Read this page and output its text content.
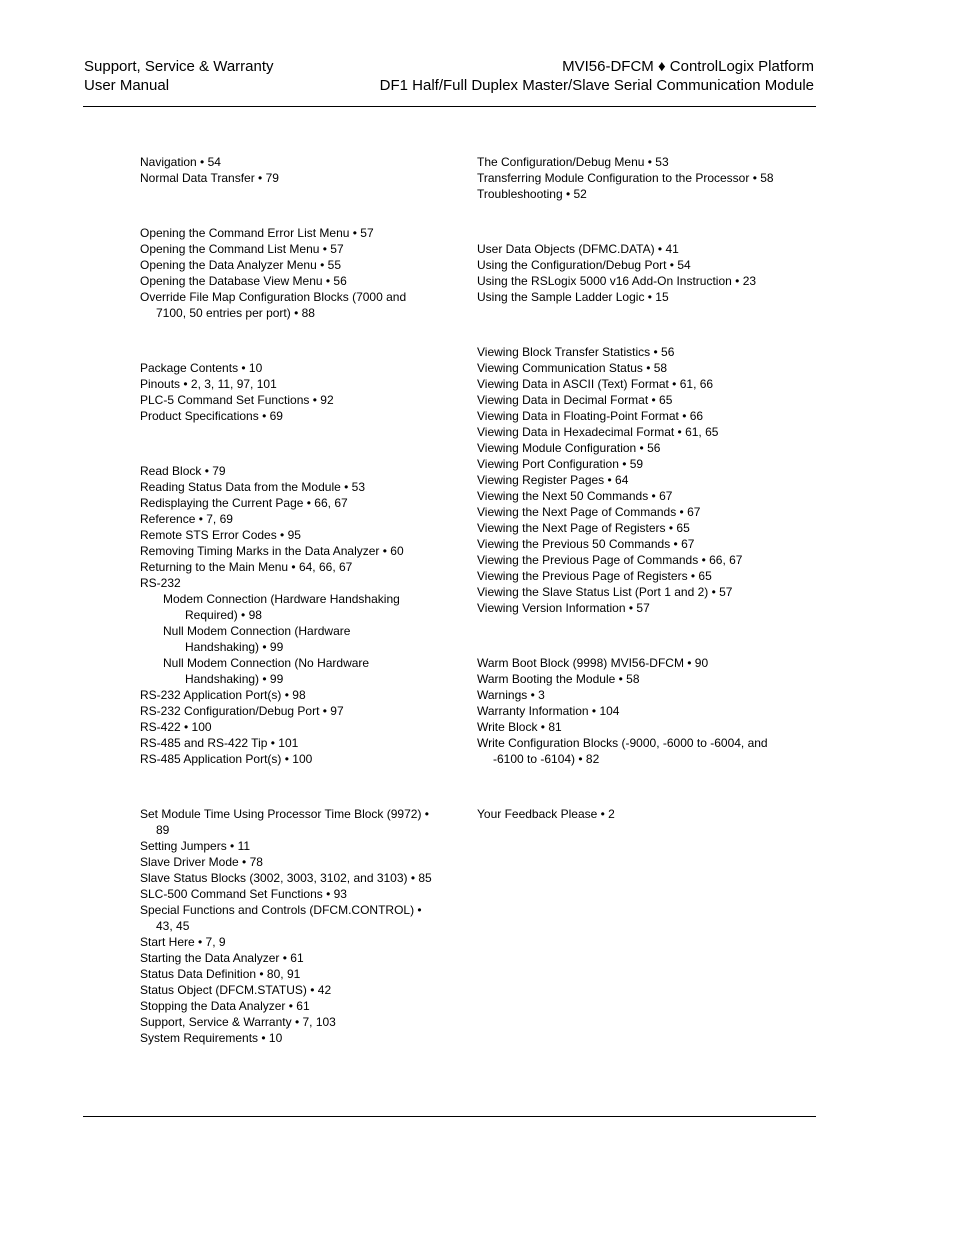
Support, Service & Warranty
User Manual
MVI56-DFCM ♦ ControlLogix Platform
DF1 Half/Full Duplex Master/Slave Serial Communication Module
Navigation • 54
Normal Data Transfer • 79
Opening the Command Error List Menu • 57
Opening the Command List Menu • 57
Opening the Data Analyzer Menu • 55
Opening the Database View Menu • 56
Override File Map Configuration Blocks (7000 and 7100, 50 entries per port) • 88
Package Contents • 10
Pinouts • 2, 3, 11, 97, 101
PLC-5 Command Set Functions • 92
Product Specifications • 69
Read Block • 79
Reading Status Data from the Module • 53
Redisplaying the Current Page • 66, 67
Reference • 7, 69
Remote STS Error Codes • 95
Removing Timing Marks in the Data Analyzer • 60
Returning to the Main Menu • 64, 66, 67
RS-232
Modem Connection (Hardware Handshaking Required) • 98
Null Modem Connection (Hardware Handshaking) • 99
Null Modem Connection (No Hardware Handshaking) • 99
RS-232 Application Port(s) • 98
RS-232 Configuration/Debug Port • 97
RS-422 • 100
RS-485 and RS-422 Tip • 101
RS-485 Application Port(s) • 100
Set Module Time Using Processor Time Block (9972) • 89
Setting Jumpers • 11
Slave Driver Mode • 78
Slave Status Blocks (3002, 3003, 3102, and 3103) • 85
SLC-500 Command Set Functions • 93
Special Functions and Controls (DFCM.CONTROL) • 43, 45
Start Here • 7, 9
Starting the Data Analyzer • 61
Status Data Definition • 80, 91
Status Object (DFCM.STATUS) • 42
Stopping the Data Analyzer • 61
Support, Service & Warranty • 7, 103
System Requirements • 10
The Configuration/Debug Menu • 53
Transferring Module Configuration to the Processor • 58
Troubleshooting • 52
User Data Objects (DFMC.DATA) • 41
Using the Configuration/Debug Port • 54
Using the RSLogix 5000 v16 Add-On Instruction • 23
Using the Sample Ladder Logic • 15
Viewing Block Transfer Statistics • 56
Viewing Communication Status • 58
Viewing Data in ASCII (Text) Format • 61, 66
Viewing Data in Decimal Format • 65
Viewing Data in Floating-Point Format • 66
Viewing Data in Hexadecimal Format • 61, 65
Viewing Module Configuration • 56
Viewing Port Configuration • 59
Viewing Register Pages • 64
Viewing the Next 50 Commands • 67
Viewing the Next Page of Commands • 67
Viewing the Next Page of Registers • 65
Viewing the Previous 50 Commands • 67
Viewing the Previous Page of Commands • 66, 67
Viewing the Previous Page of Registers • 65
Viewing the Slave Status List (Port 1 and 2) • 57
Viewing Version Information • 57
Warm Boot Block (9998) MVI56-DFCM • 90
Warm Booting the Module • 58
Warnings • 3
Warranty Information • 104
Write Block • 81
Write Configuration Blocks (-9000, -6000 to -6004, and -6100 to -6104) • 82
Your Feedback Please • 2
